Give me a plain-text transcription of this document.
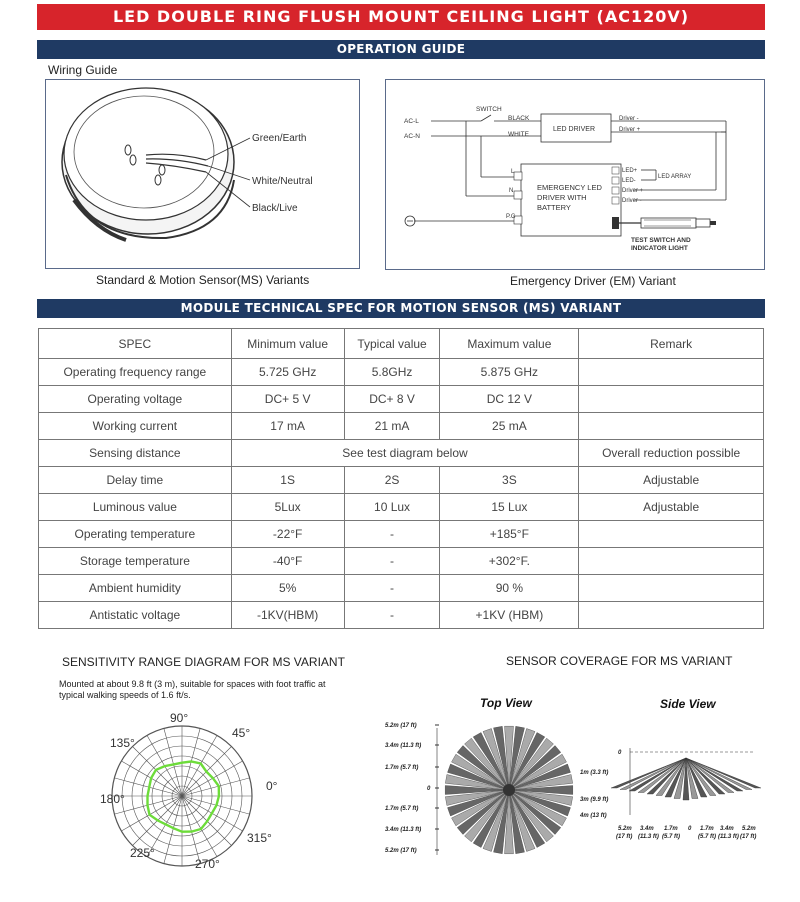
LED DOUBLE RING FLUSH MOUNT CEILING LIGHT (AC120V)
OPERATION GUIDE
Wiring Guide
Green/Earth
White/Neutral
Black/Live
AC-L
AC-N
SWITCH
BLACK
WHITE
LED DRIVER
Driver -
Driver +
L
N
P.G
EMERGENCY LED
DRIVER WITH
BATTERY
LED+
LED-
Driver +
Driver -
LED ARRAY
TEST SWITCH AND
INDICATOR LIGHT
Standard & Motion Sensor(MS) Variants	Emergency Driver (EM) Variant
MODULE TECHNICAL SPEC FOR MOTION SENSOR (MS) VARIANT
SPEC	Minimum value	Typical value	Maximum value	Remark
Operating frequency range	5.725 GHz	5.8GHz	5.875 GHz	
Operating voltage	DC+ 5 V	DC+ 8 V	DC 12 V	
Working current	17 mA	21 mA	25 mA	
Sensing distance	See test diagram below			Overall reduction possible
Delay time	1S	2S	3S	Adjustable
Luminous value	5Lux	10 Lux	15 Lux	Adjustable
Operating temperature	-22°F	-	+185°F	
Storage temperature	-40°F	-	+302°F.	
Ambient humidity	5%	-	90 %	
Antistatic voltage	-1KV(HBM)	-	+1KV (HBM)	
SENSITIVITY RANGE DIAGRAM FOR MS VARIANT
Mounted at about 9.8 ft (3 m), suitable for spaces with foot traffic at typical walking speeds of 1.6 ft/s.
90°
45°
135°
180°
0°
225°
270°
315°
SENSOR COVERAGE FOR MS VARIANT
Top View
5.2m (17 ft)
3.4m (11.3 ft)
1.7m (5.7 ft)
0
1.7m (5.7 ft)
3.4m (11.3 ft)
5.2m (17 ft)
Side View
0
1m (3.3 ft)
3m (9.9 ft)
4m (13 ft)
5.2m 3.4m 1.7m 0 1.7m 3.4m 5.2m
(17 ft) (11.3 ft) (5.7 ft)	(5.7 ft) (11.3 ft) (17 ft)
